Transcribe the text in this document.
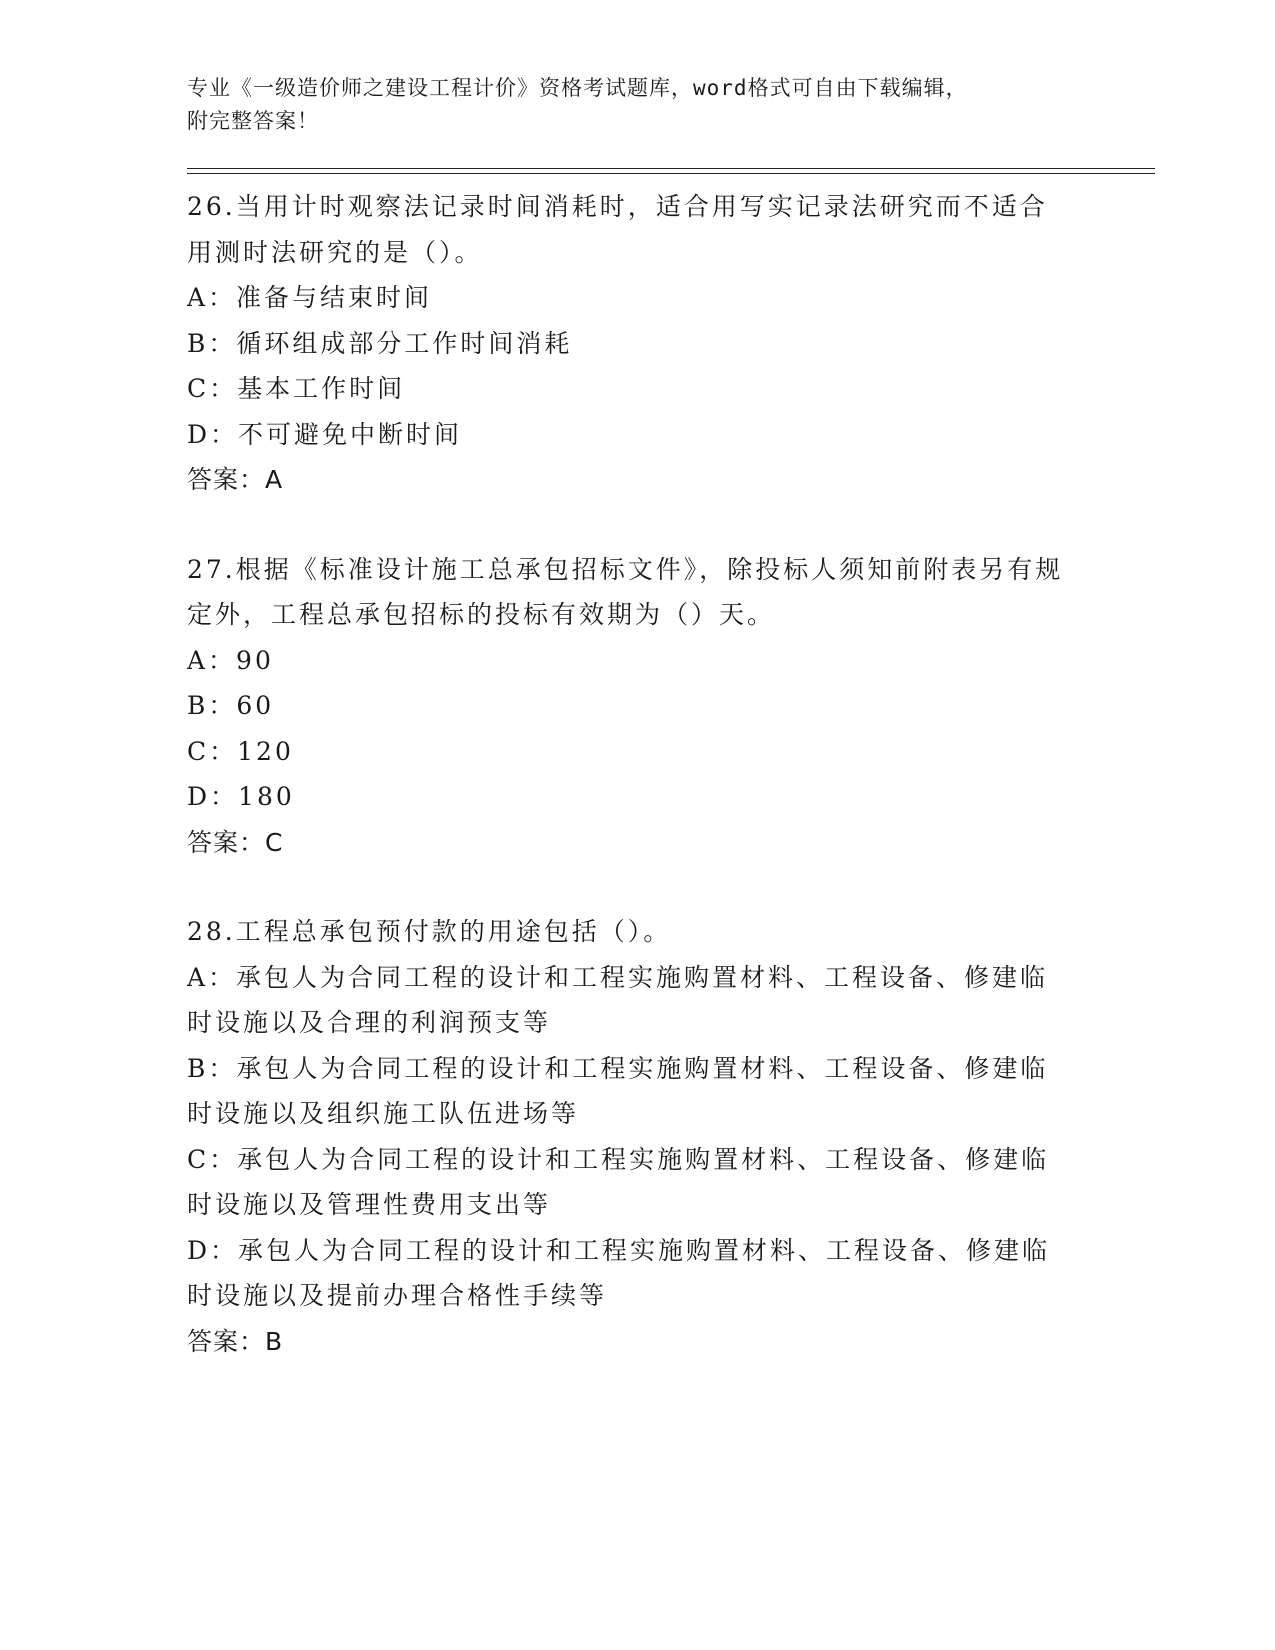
专业《一级造价师之建设工程计价》资格考试题库，word格式可自由下载编辑，
附完整答案！

26.当用计时观察法记录时间消耗时，适合用写实记录法研究而不适合用测时法研究的是（）。

A：准备与结束时间

B：循环组成部分工作时间消耗

C：基本工作时间

D：不可避免中断时间

答案：A

27.根据《标准设计施工总承包招标文件》，除投标人须知前附表另有规定外，工程总承包招标的投标有效期为（）天。

A：90

B：60

C：120

D：180

答案：C

28.工程总承包预付款的用途包括（）。

A：承包人为合同工程的设计和工程实施购置材料、工程设备、修建临时设施以及合理的利润预支等

B：承包人为合同工程的设计和工程实施购置材料、工程设备、修建临时设施以及组织施工队伍进场等

C：承包人为合同工程的设计和工程实施购置材料、工程设备、修建临时设施以及管理性费用支出等

D：承包人为合同工程的设计和工程实施购置材料、工程设备、修建临时设施以及提前办理合格性手续等

答案：B
